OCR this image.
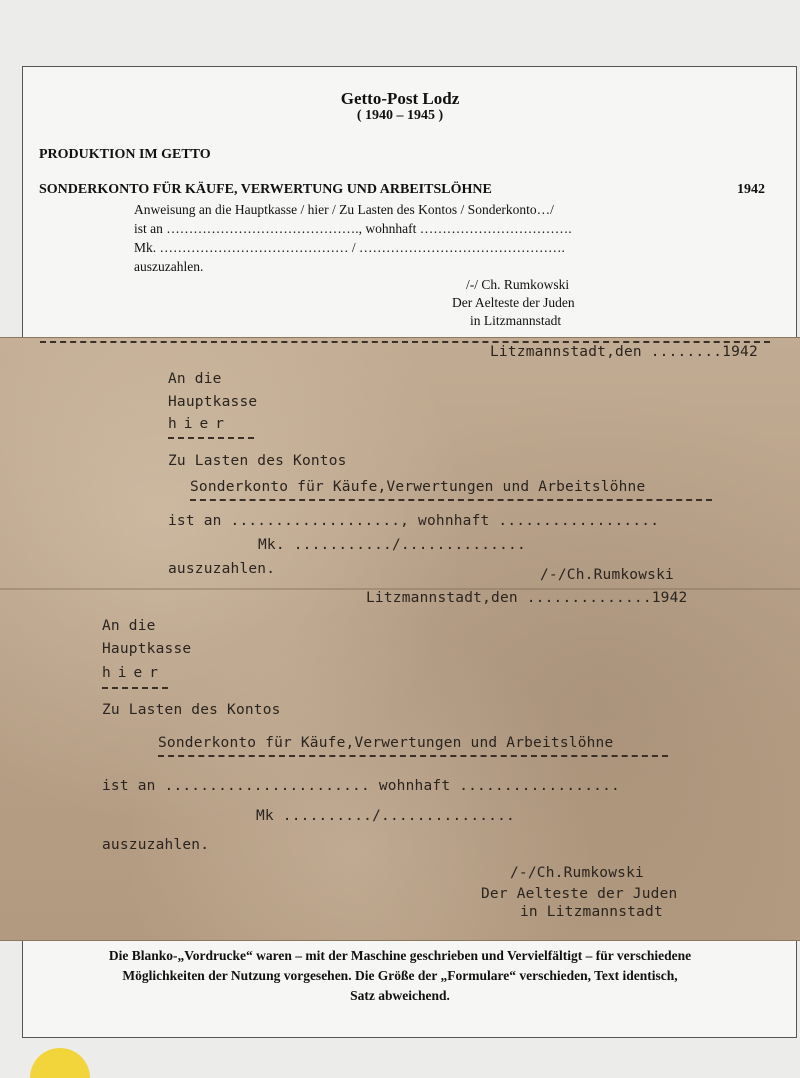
Getto-Post Lodz
( 1940 – 1945 )
PRODUKTION IM GETTO
SONDERKONTO FÜR KÄUFE, VERWERTUNG UND ARBEITSLÖHNE	1942
Anweisung an die Hauptkasse / hier / Zu Lasten des Kontos / Sonderkonto…/
ist an ……………………………………., wohnhaft …………………………….
Mk. …………………………………… / ……………………………………….
auszuzahlen.
/-/ Ch. Rumkowski
Der Aelteste der Juden
in Litzmannstadt
Litzmannstadt,den ........1942
An die
Hauptkasse
hier
Zu Lasten des Kontos
Sonderkonto für Käufe,Verwertungen und Arbeitslöhne
ist an ..................., wohnhaft ..................
Mk. .........../..............
auszuzahlen.	/-/Ch.Rumkowski
Litzmannstadt,den ..............1942
An die
Hauptkasse
hier
Zu Lasten des Kontos
Sonderkonto für Käufe,Verwertungen und Arbeitslöhne
ist an ....................... wohnhaft ..................
Mk ........../...............
auszuzahlen.
/-/Ch.Rumkowski
Der Aelteste der Juden
in Litzmannstadt
Die Blanko-„Vordrucke“ waren – mit der Maschine geschrieben und Vervielfältigt – für verschiedene
Möglichkeiten der Nutzung vorgesehen. Die Größe der „Formulare“ verschieden, Text identisch,
Satz abweichend.
